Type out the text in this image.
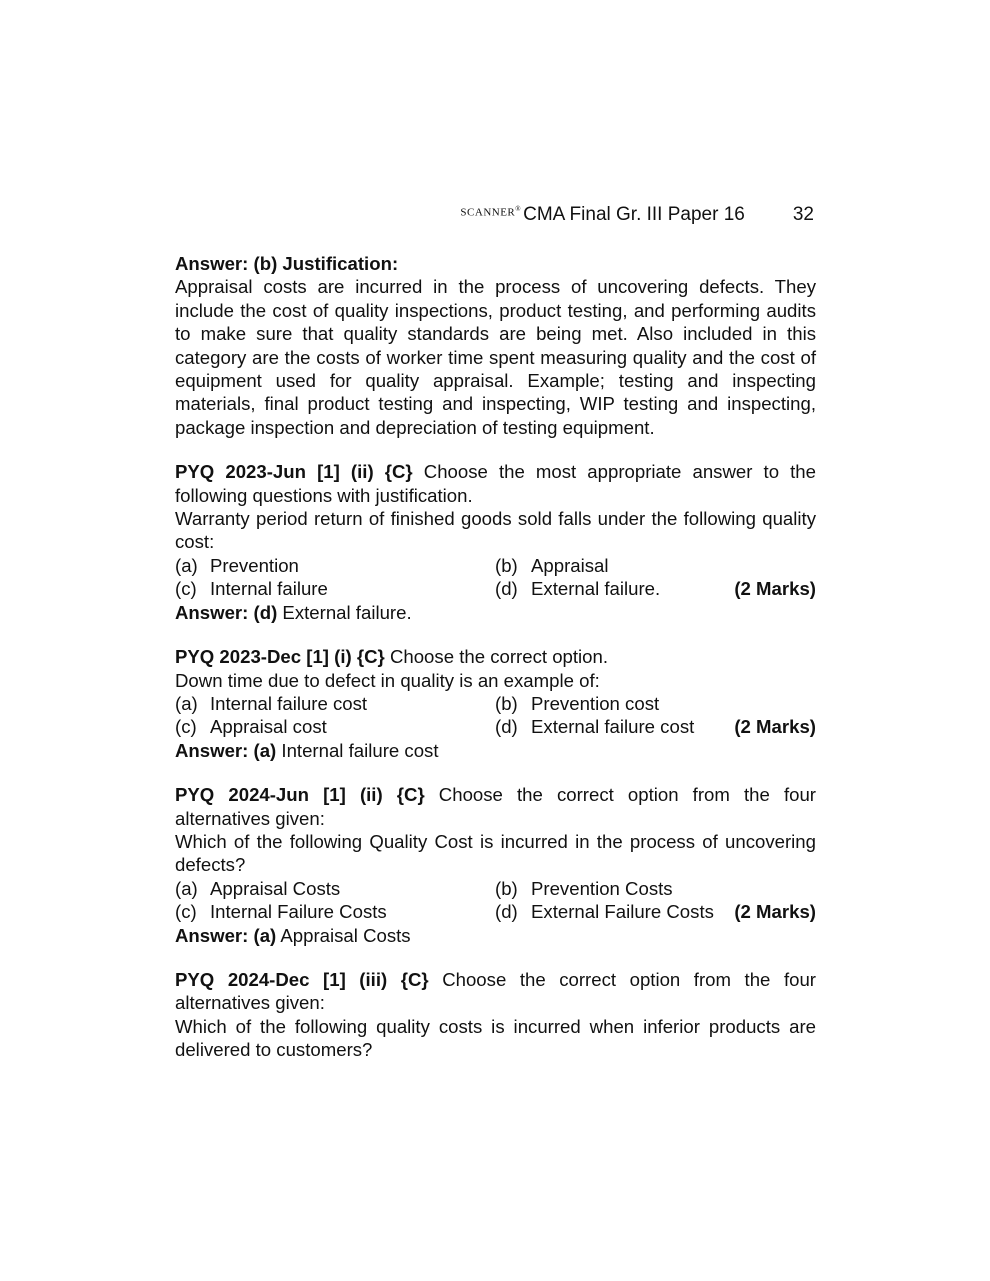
SCANNER® CMA Final Gr. III Paper 16	32
Answer: (b) Justification:
Appraisal costs are incurred in the process of uncovering defects. They include the cost of quality inspections, product testing, and performing audits to make sure that quality standards are being met. Also included in this category are the costs of worker time spent measuring quality and the cost of equipment used for quality appraisal. Example; testing and inspecting materials, final product testing and inspecting, WIP testing and inspecting, package inspection and depreciation of testing equipment.
PYQ 2023-Jun [1] (ii) {C} Choose the most appropriate answer to the following questions with justification.
Warranty period return of finished goods sold falls under the following quality cost:
(a) Prevention	(b) Appraisal
(c) Internal failure	(d) External failure.	(2 Marks)
Answer: (d) External failure.
PYQ 2023-Dec [1] (i) {C} Choose the correct option.
Down time due to defect in quality is an example of:
(a) Internal failure cost	(b) Prevention cost
(c) Appraisal cost	(d) External failure cost (2 Marks)
Answer: (a) Internal failure cost
PYQ 2024-Jun [1] (ii) {C} Choose the correct option from the four alternatives given:
Which of the following Quality Cost is incurred in the process of uncovering defects?
(a) Appraisal Costs	(b) Prevention Costs
(c) Internal Failure Costs	(d) External Failure Costs (2 Marks)
Answer: (a) Appraisal Costs
PYQ 2024-Dec [1] (iii) {C} Choose the correct option from the four alternatives given:
Which of the following quality costs is incurred when inferior products are delivered to customers?
